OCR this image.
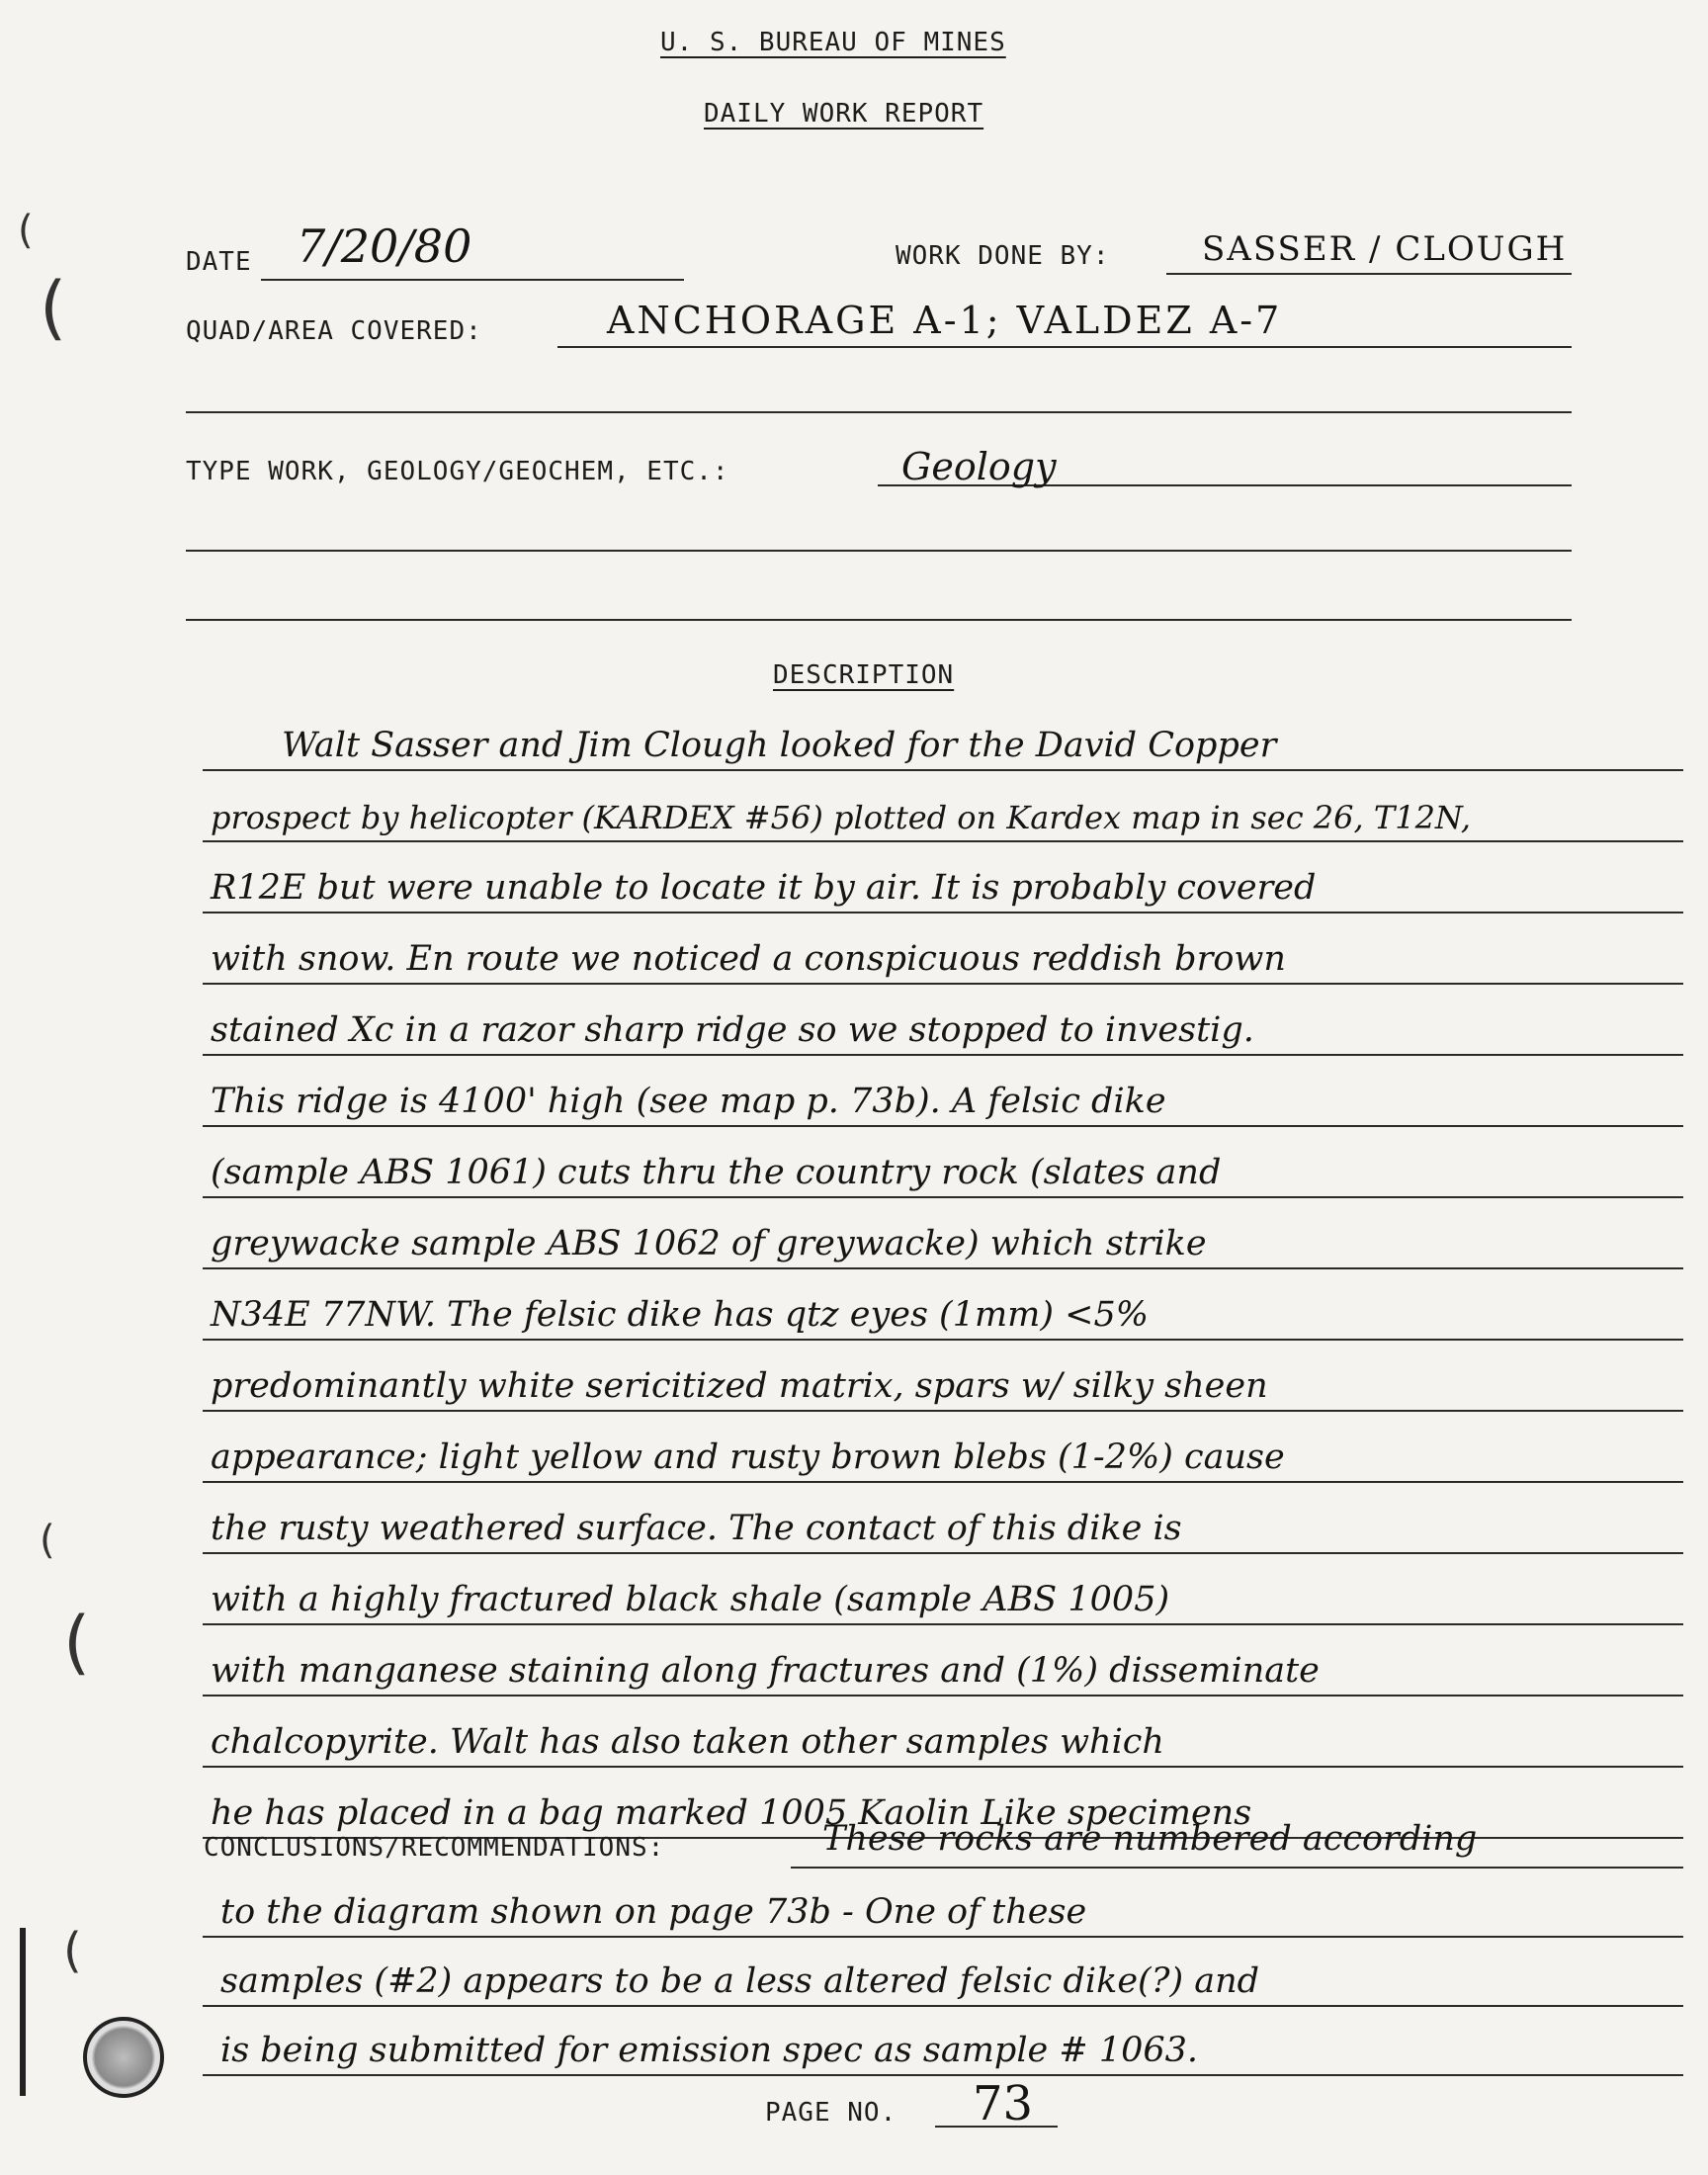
U. S. BUREAU OF MINES
DAILY WORK REPORT
(
(
(
(
(
DATE 7/20/80	WORK DONE BY:	SASSER / CLOUGH
QUAD/AREA COVERED:	ANCHORAGE A-1; VALDEZ A-7
TYPE WORK, GEOLOGY/GEOCHEM, ETC.:	Geology
DESCRIPTION
Walt Sasser and Jim Clough looked for the David Copper
prospect by helicopter (KARDEX #56) plotted on Kardex map in sec 26, T12N,
R12E but were unable to locate it by air. It is probably covered
with snow. En route we noticed a conspicuous reddish brown
stained Xc in a razor sharp ridge so we stopped to investig.
This ridge is 4100' high (see map p. 73b). A felsic dike
(sample ABS 1061) cuts thru the country rock (slates and
greywacke sample ABS 1062 of greywacke) which strike
N34E 77NW. The felsic dike has qtz eyes (1mm) <5%
predominantly white sericitized matrix, spars w/ silky sheen
appearance; light yellow and rusty brown blebs (1-2%) cause
the rusty weathered surface. The contact of this dike is
with a highly fractured black shale (sample ABS 1005)
with manganese staining along fractures and (1%) disseminate
chalcopyrite. Walt has also taken other samples which
he has placed in a bag marked 1005 Kaolin Like specimens
CONCLUSIONS/RECOMMENDATIONS:	These rocks are numbered according
to the diagram shown on page 73b - One of these
samples (#2) appears to be a less altered felsic dike(?) and
is being submitted for emission spec as sample # 1063.
PAGE NO. 73
